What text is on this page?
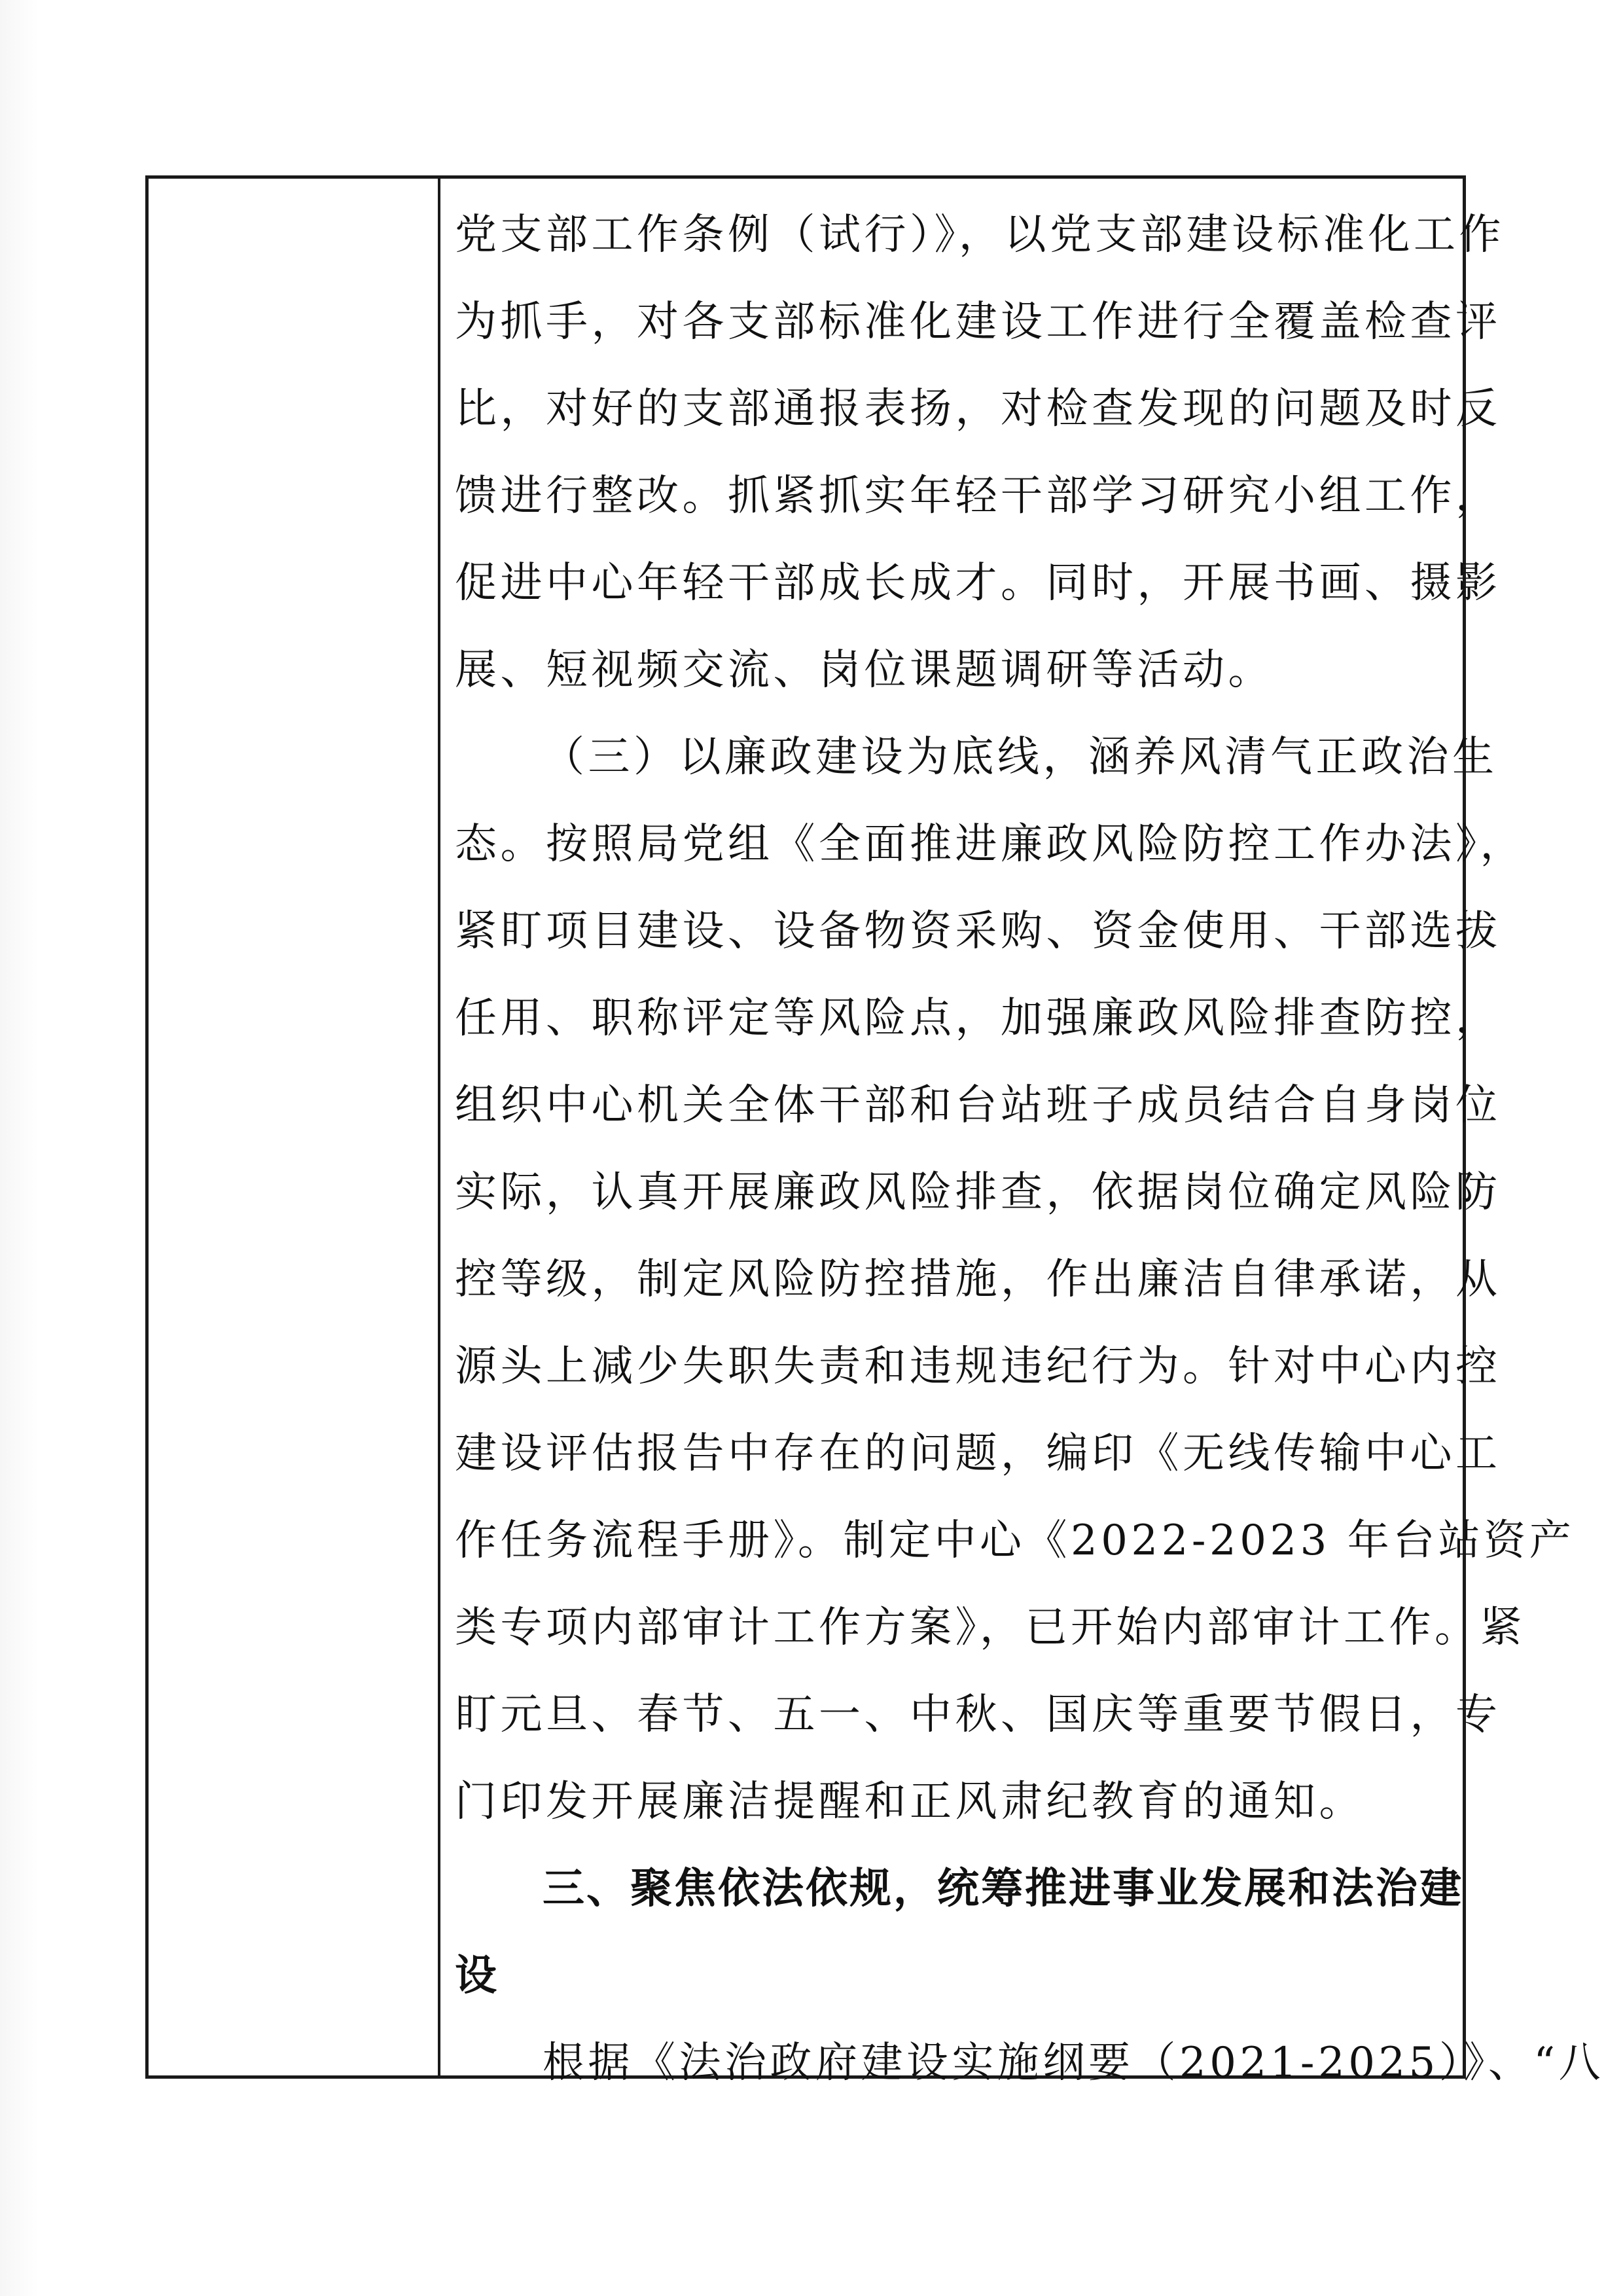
党支部工作条例（试行）》，以党支部建设标准化工作
为抓手，对各支部标准化建设工作进行全覆盖检查评
比，对好的支部通报表扬，对检查发现的问题及时反
馈进行整改。抓紧抓实年轻干部学习研究小组工作，
促进中心年轻干部成长成才。同时，开展书画、摄影
展、短视频交流、岗位课题调研等活动。
（三）以廉政建设为底线，涵养风清气正政治生
态。按照局党组《全面推进廉政风险防控工作办法》，
紧盯项目建设、设备物资采购、资金使用、干部选拔
任用、职称评定等风险点，加强廉政风险排查防控，
组织中心机关全体干部和台站班子成员结合自身岗位
实际，认真开展廉政风险排查，依据岗位确定风险防
控等级，制定风险防控措施，作出廉洁自律承诺，从
源头上减少失职失责和违规违纪行为。针对中心内控
建设评估报告中存在的问题，编印《无线传输中心工
作任务流程手册》。制定中心《2022-2023 年台站资产
类专项内部审计工作方案》，已开始内部审计工作。紧
盯元旦、春节、五一、中秋、国庆等重要节假日，专
门印发开展廉洁提醒和正风肃纪教育的通知。
三、聚焦依法依规，统筹推进事业发展和法治建
设
根据《法治政府建设实施纲要（2021-2025）》、“八
